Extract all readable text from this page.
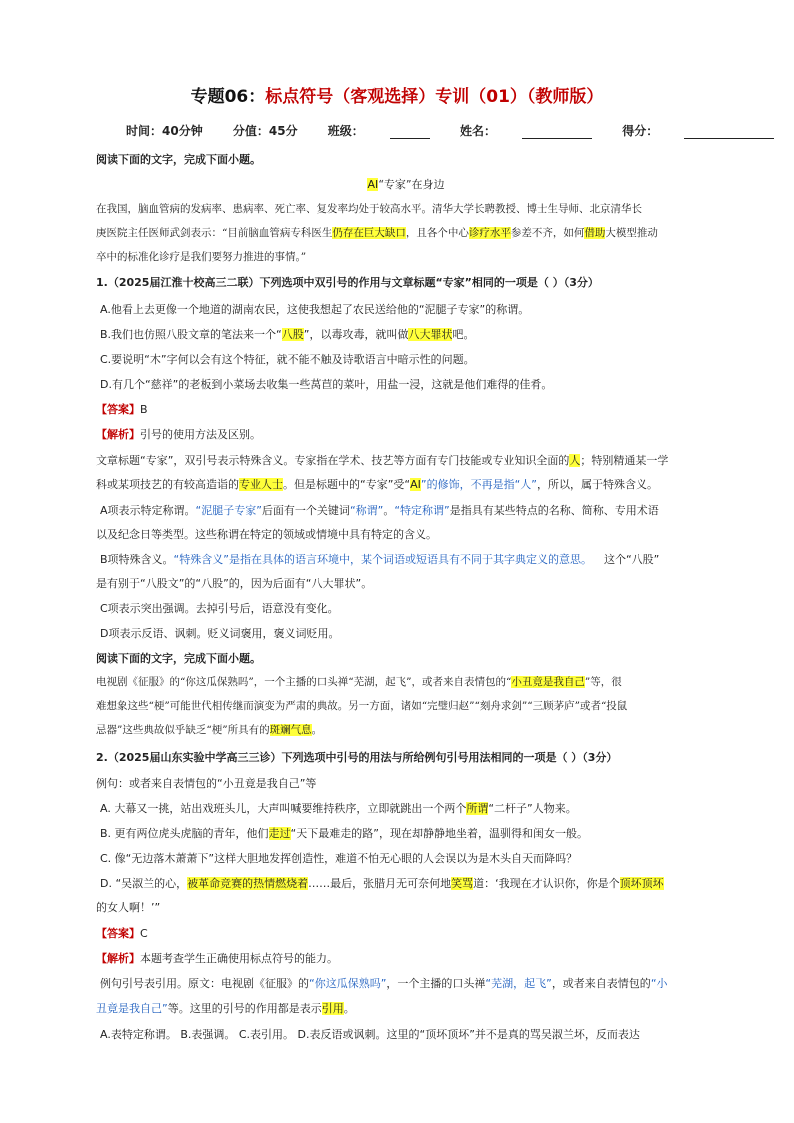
专题06：标点符号（客观选择）专训（01）（教师版）
时间：40分钟	分值：45分	班级：	姓名：	得分：
阅读下面的文字，完成下面小题。
AI“专家”在身边
在我国，脑血管病的发病率、患病率、死亡率、复发率均处于较高水平。清华大学长聘教授、博士生导师、北京清华长
庚医院主任医师武剑表示：“目前脑血管病专科医生仍存在巨大缺口，且各个中心诊疗水平参差不齐，如何借助大模型推动
卒中的标准化诊疗是我们要努力推进的事情。”
1.（2025届江淮十校高三二联）下列选项中双引号的作用与文章标题“专家”相同的一项是（ ）（3分）
A.他看上去更像一个地道的湖南农民，这使我想起了农民送给他的“泥腿子专家”的称谓。
B.我们也仿照八股文章的笔法来一个“八股”，以毒攻毒，就叫做八大罪状吧。
C.要说明“木”字何以会有这个特征，就不能不触及诗歌语言中暗示性的问题。
D.有几个“慈祥”的老板到小菜场去收集一些莴苣的菜叶，用盐一浸，这就是他们难得的佳肴。
【答案】B
【解析】引号的使用方法及区别。
文章标题“专家”，双引号表示特殊含义。专家指在学术、技艺等方面有专门技能或专业知识全面的人；特别精通某一学
科或某项技艺的有较高造诣的专业人士。但是标题中的“专家”受“AI”的修饰，不再是指“人”，所以，属于特殊含义。
A项表示特定称谓。“泥腿子专家”后面有一个关键词“称谓”。“特定称谓”是指具有某些特点的名称、简称、专用术语
以及纪念日等类型。这些称谓在特定的领域或情境中具有特定的含义。
B项特殊含义。“特殊含义”是指在具体的语言环境中，某个词语或短语具有不同于其字典定义的意思。 这个“八股”
是有别于“八股文”的“八股”的，因为后面有“八大罪状”。
C项表示突出强调。去掉引号后，语意没有变化。
D项表示反语、讽刺。贬义词褒用，褒义词贬用。
阅读下面的文字，完成下面小题。
电视剧《征服》的“你这瓜保熟吗”，一个主播的口头禅“芜湖，起飞”，或者来自表情包的“小丑竟是我自己”等，很
难想象这些“梗”可能世代相传继而演变为严肃的典故。另一方面，诸如“完璧归赵”“刻舟求剑”“三顾茅庐”或者“投鼠
忌器”这些典故似乎缺乏“梗”所具有的斑斓气息。
2.（2025届山东实验中学高三三诊）下列选项中引号的用法与所给例句引号用法相同的一项是（ ）（3分）
例句：或者来自表情包的“小丑竟是我自己”等
A. 大幕又一挑，站出戏班头儿，大声叫喊要维持秩序，立即就跳出一个两个所谓“二杆子”人物来。
B. 更有两位虎头虎脑的青年，他们走过“天下最难走的路”，现在却静静地坐着，温驯得和闺女一般。
C. 像“无边落木萧萧下”这样大胆地发挥创造性，难道不怕无心眼的人会误以为是木头自天而降吗？
D. “吴淑兰的心，被革命竞赛的热情燃烧着……最后，张腊月无可奈何地笑骂道：‘我现在才认识你，你是个顶坏顶坏
的女人啊！’”
【答案】C
【解析】本题考查学生正确使用标点符号的能力。
例句引号表引用。原文：电视剧《征服》的“你这瓜保熟吗”，一个主播的口头禅“芜湖，起飞”，或者来自表情包的“小
丑竟是我自己”等。这里的引号的作用都是表示引用。
A.表特定称谓。 B.表强调。 C.表引用。 D.表反语或讽刺。这里的“顶坏顶坏”并不是真的骂吴淑兰坏，反而表达
